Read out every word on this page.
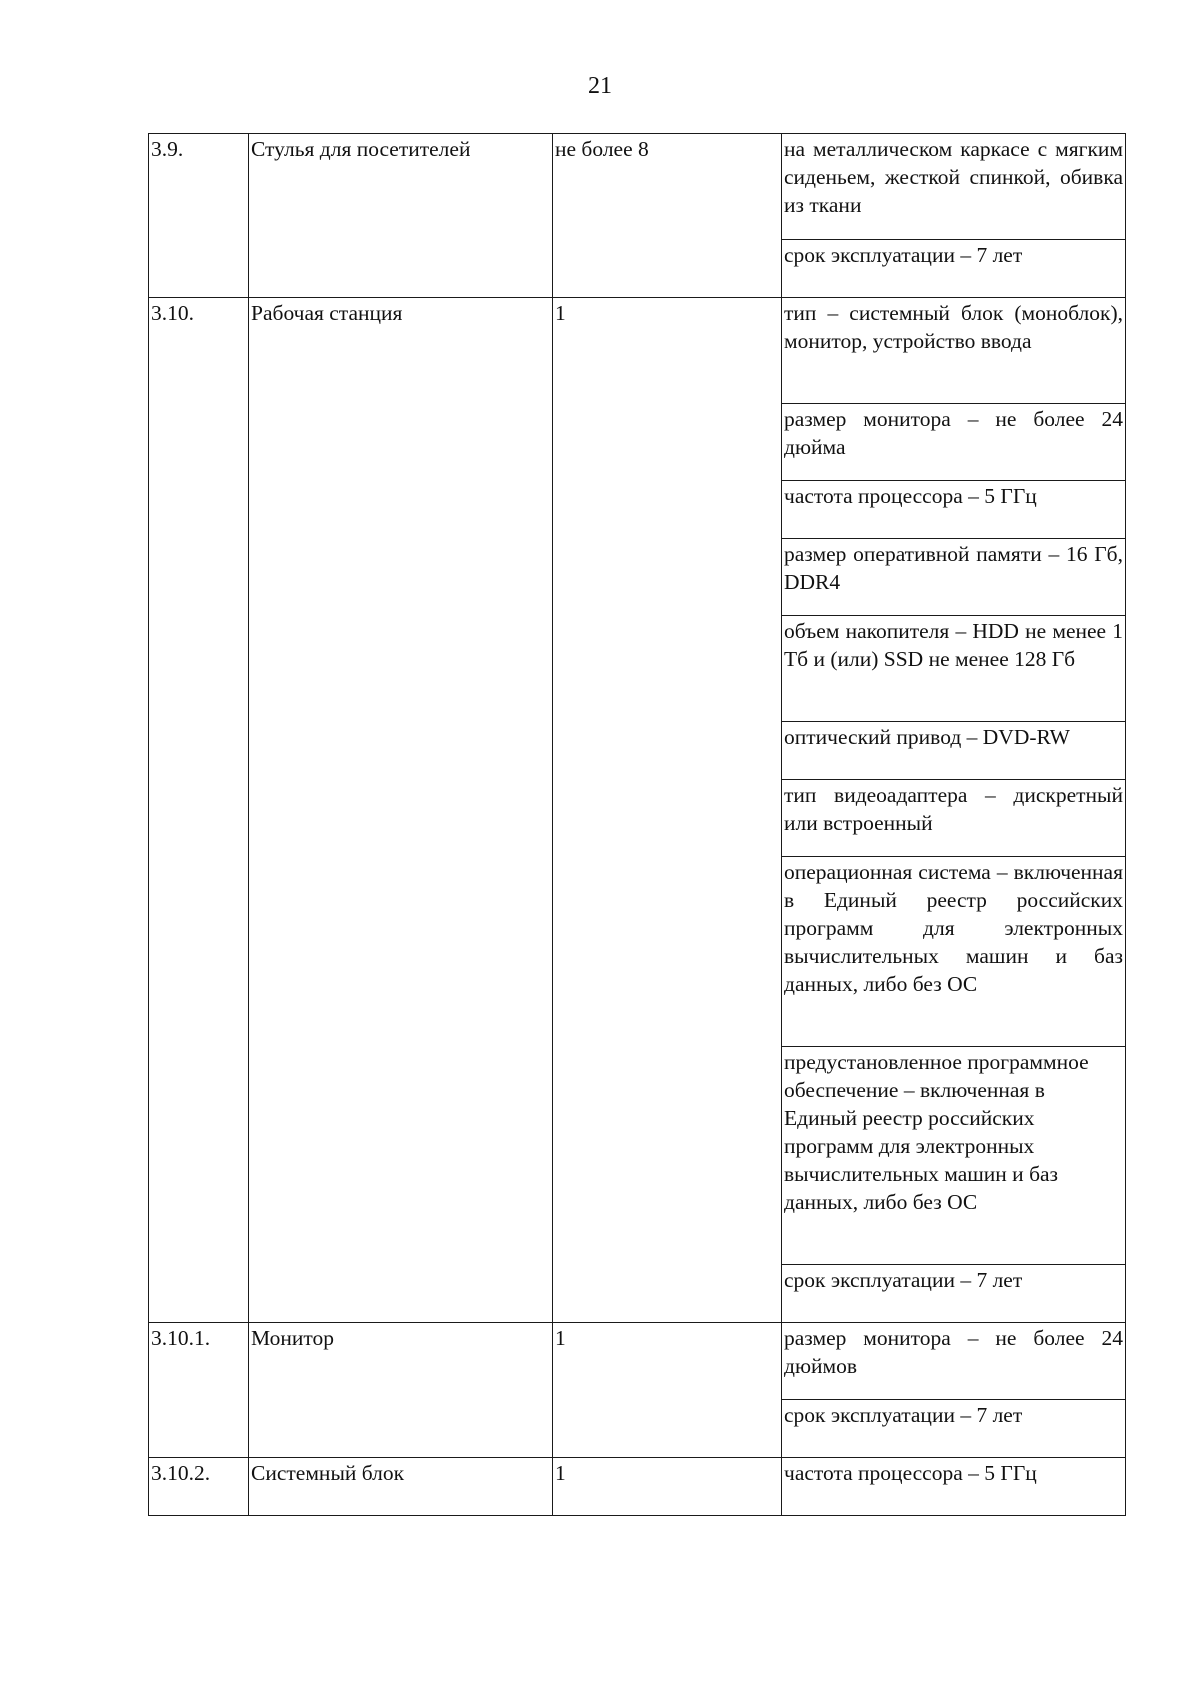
21
3.9.	Стулья для посетителей	не более 8	на металлическом каркасе с мягким сиденьем, жесткой спинкой, обивка из ткани
			срок эксплуатации – 7 лет
3.10.	Рабочая станция	1	тип – системный блок (моноблок), монитор, устройство ввода
			размер монитора – не более 24 дюйма
			частота процессора – 5 ГГц
			размер оперативной памяти – 16 Гб, DDR4
			объем накопителя – HDD не менее 1 Тб и (или) SSD не менее 128 Гб
			оптический привод – DVD-RW
			тип видеоадаптера – дискретный или встроенный
			операционная система – включенная в Единый реестр российских программ для электронных вычислительных машин и баз данных, либо без ОС
			предустановленное программное обеспечение – включенная в Единый реестр российских программ для электронных вычислительных машин и баз данных, либо без ОС
			срок эксплуатации – 7 лет
3.10.1.	Монитор	1	размер монитора – не более 24 дюймов
			срок эксплуатации – 7 лет
3.10.2.	Системный блок	1	частота процессора – 5 ГГц
